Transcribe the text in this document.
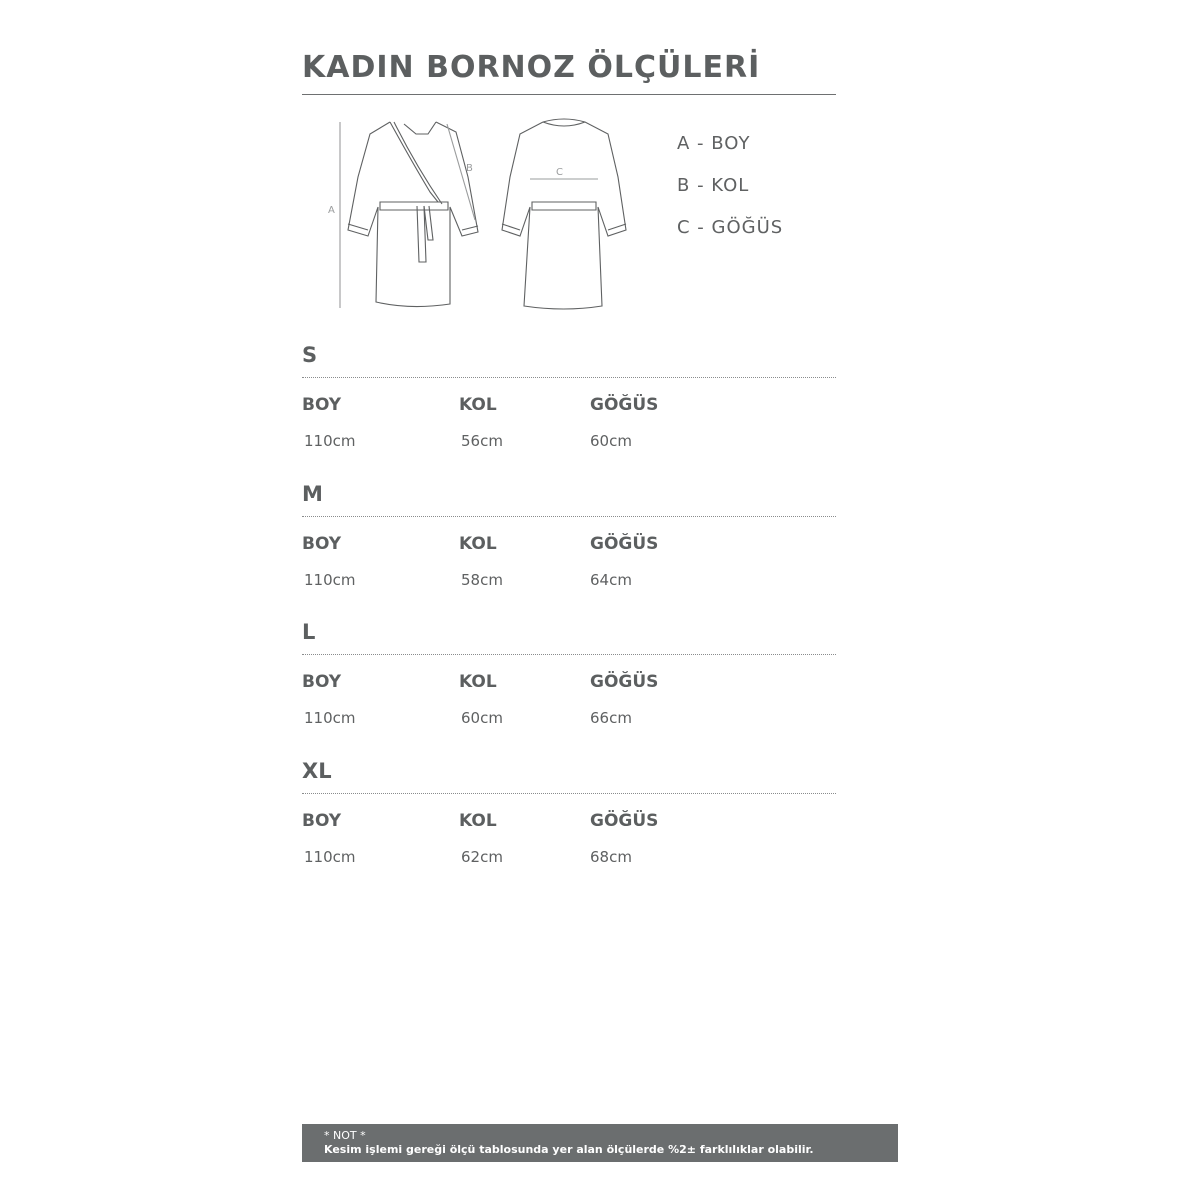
KADIN BORNOZ ÖLÇÜLERİ
A
B	C
A - BOY
B - KOL
C - GÖĞÜS
S
BOY	KOL	GÖĞÜS
110cm	56cm	60cm
M
BOY	KOL	GÖĞÜS
110cm	58cm	64cm
L
BOY	KOL	GÖĞÜS
110cm	60cm	66cm
XL
BOY	KOL	GÖĞÜS
110cm	62cm	68cm
* NOT *
Kesim işlemi gereği ölçü tablosunda yer alan ölçülerde %2± farklılıklar olabilir.
